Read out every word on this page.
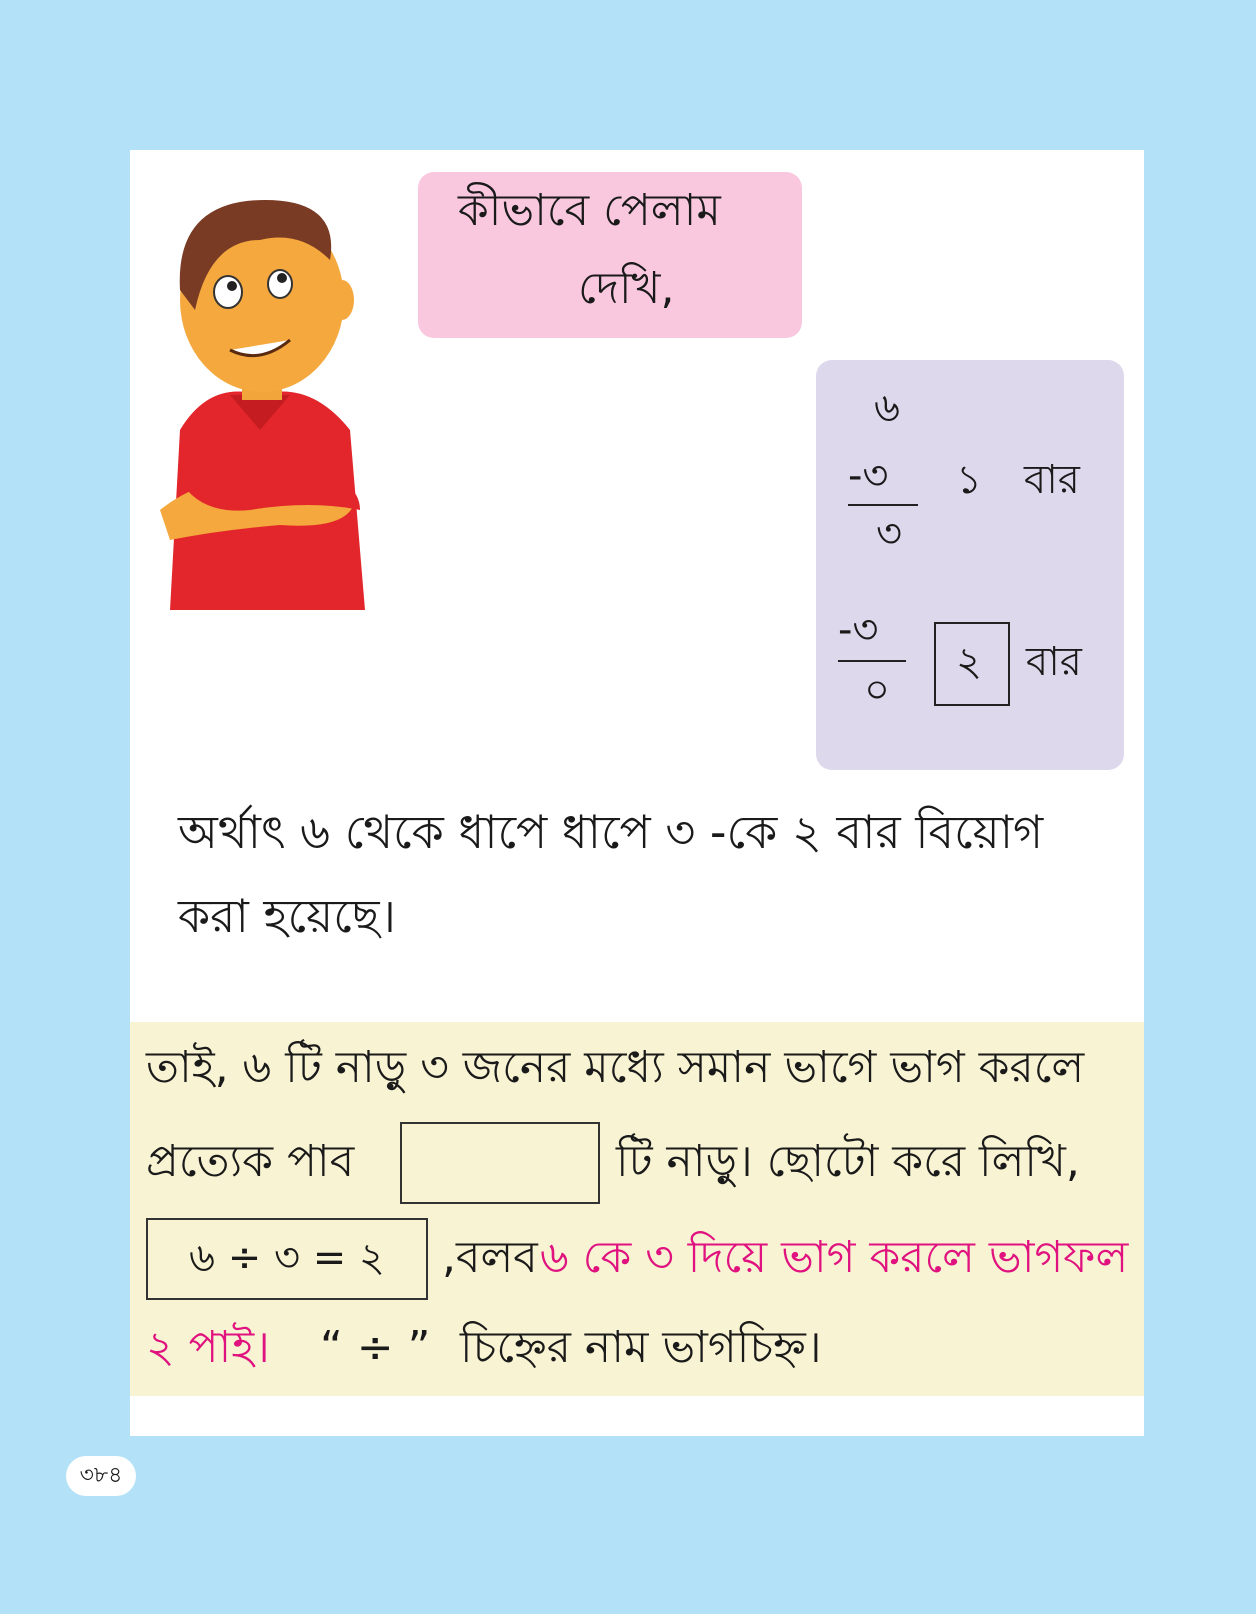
কীভাবে পেলাম
দেখি,
৬
-৩
৩
১ বার
-৩
০
২ বার
অর্থাৎ ৬ থেকে ধাপে ধাপে ৩ -কে ২ বার বিয়োগ
করা হয়েছে।
তাই, ৬ টি নাড়ু ৩ জনের মধ্যে সমান ভাগে ভাগ করলে
প্রত্যেক পাব	টি নাড়ু। ছোটো করে লিখি,
৬ ÷ ৩ = ২ ,বলব ৬ কে ৩ দিয়ে ভাগ করলে ভাগফল
২ পাই। “ ÷ ” চিহ্নের নাম ভাগচিহ্ন।
৩৮৪
